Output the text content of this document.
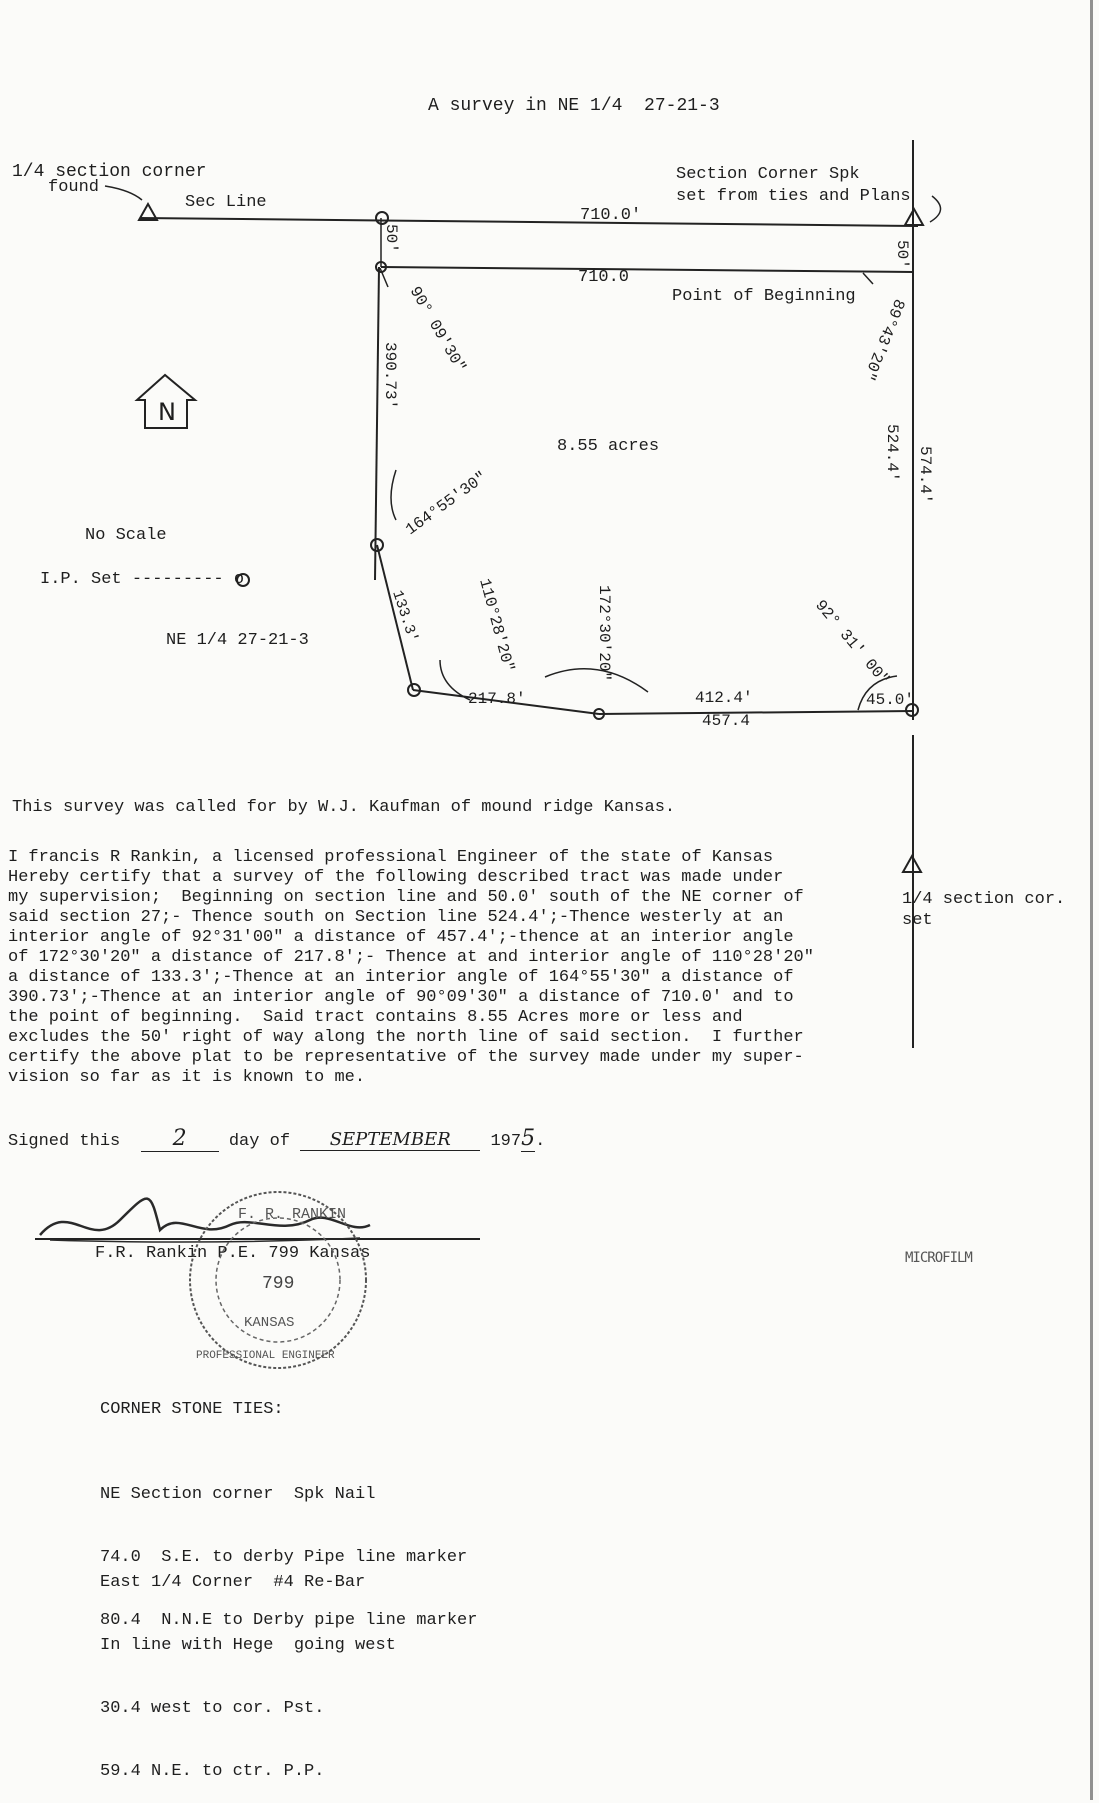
A survey in NE 1/4  27-21-3
1/4 section corner
found
Sec Line
Section Corner Spk
set from ties and Plans
710.0'
710.0
Point of Beginning
8.55 acres
No Scale
I.P. Set --------- o
NE 1/4 27-21-3
1/4 section cor.
set
N
50'
50'
390.73'
524.4' 574.4'
90° 09'30"	89°43'20"
164°55'30"
110°28'20"	172°30'20"	92° 31' 00"
133.3'
217.8'	412.4'
457.4
45.0'
This survey was called for by W.J. Kaufman of mound ridge Kansas.
I francis R Rankin, a licensed professional Engineer of the state of Kansas
Hereby certify that a survey of the following described tract was made under
my supervision;  Beginning on section line and 50.0' south of the NE corner of
said section 27;- Thence south on Section line 524.4';-Thence westerly at an
interior angle of 92°31'00" a distance of 457.4';-thence at an interior angle
of 172°30'20" a distance of 217.8';- Thence at and interior angle of 110°28'20"
a distance of 133.3';-Thence at an interior angle of 164°55'30" a distance of
390.73';-Thence at an interior angle of 90°09'30" a distance of 710.0' and to
the point of beginning.  Said tract contains 8.55 Acres more or less and
excludes the 50' right of way along the north line of said section.  I further
certify the above plat to be representative of the survey made under my super-
vision so far as it is known to me.
Signed this 2 day of SEPTEMBER 1975.
F.R. Rankin P.E. 799 Kansas
F. R. RANKIN
799
KANSAS
PROFESSIONAL ENGINEER
MICROFILM
CORNER STONE TIES:

NE Section corner  Spk Nail

74.0  S.E. to derby Pipe line marker

80.4  N.N.E to Derby pipe line marker

East 1/4 Corner  #4 Re-Bar

In line with Hege  going west

30.4 west to cor. Pst.

59.4 N.E. to ctr. P.P.
